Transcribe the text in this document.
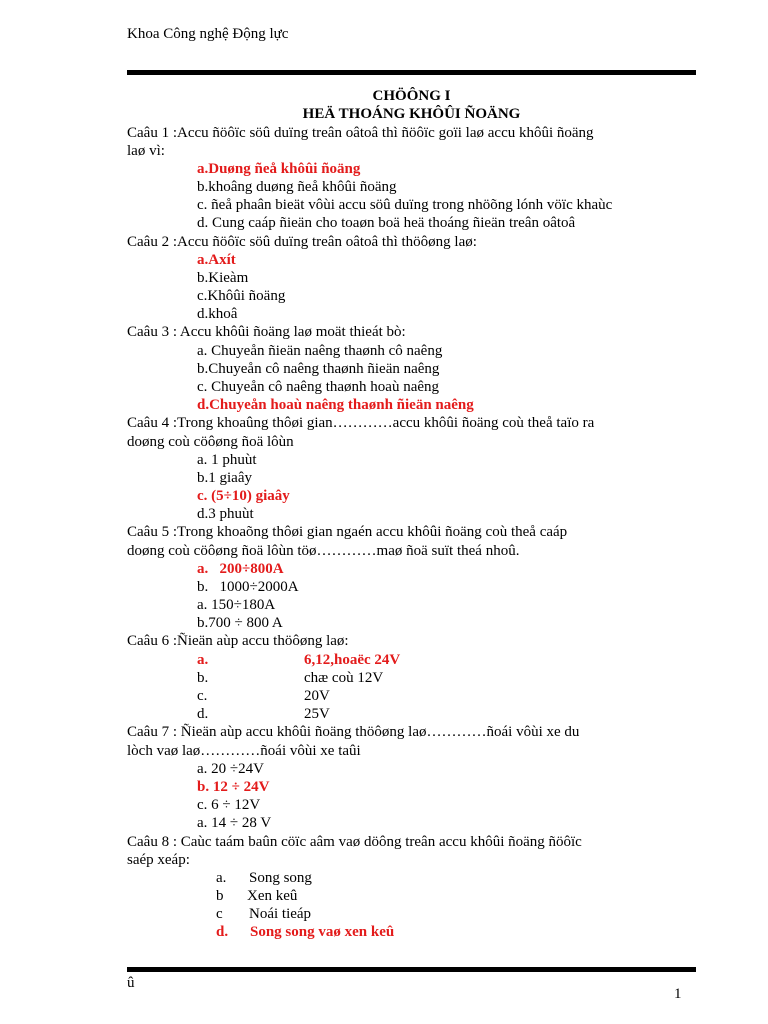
Khoa Công nghệ Động lực
CHÖÔNG I
HEÄ THOÁNG KHÔÛI ÑOÄNG
Caâu 1 :Accu ñöôïc söû duïng treân oâtoâ thì ñöôïc goïi laø accu khôûi ñoäng
laø vì:
a.Duøng ñeå khôûi ñoäng
b.khoâng duøng ñeå khôûi ñoäng
c. ñeå phaân bieät vôùi accu söû duïng trong nhöõng lónh vöïc khaùc
d. Cung caáp ñieän cho toaøn boä heä thoáng ñieän treân oâtoâ
Caâu 2 :Accu ñöôïc söû duïng treân oâtoâ thì thöôøng laø:
a.Axít
b.Kieàm
c.Khôûi ñoäng
d.khoâ
Caâu 3 : Accu khôûi ñoäng laø moät thieát bò:
a. Chuyeån ñieän naêng thaønh cô naêng
b.Chuyeån cô naêng thaønh ñieän naêng
c. Chuyeån cô naêng thaønh hoaù naêng
d.Chuyeån hoaù naêng thaønh ñieän naêng
Caâu 4 :Trong khoaûng thôøi gian…………accu khôûi ñoäng coù theå taïo ra
doøng coù cöôøng ñoä lôùn
a. 1 phuùt
b.1 giaây
c. (5÷10) giaây
d.3 phuùt
Caâu 5 :Trong khoaõng thôøi gian ngaén accu khôûi ñoäng coù theå caáp
doøng coù cöôøng ñoä lôùn töø…………maø ñoä suït theá nhoû.
a. 200÷800A
b. 1000÷2000A
a. 150÷180A
b.700 ÷ 800 A
Caâu 6 :Ñieän aùp accu thöôøng laø:
a.	6,12,hoaëc 24V
b.	chæ coù 12V
c.	20V
d.	25V
Caâu 7 : Ñieän aùp accu khôûi ñoäng thöôøng laø…………ñoái vôùi xe du
lòch vaø laø…………ñoái vôùi xe taûi
a. 20 ÷24V
b. 12 ÷ 24V
c. 6 ÷ 12V
a. 14 ÷ 28 V
Caâu 8 : Caùc taám baûn cöïc aâm vaø döông treân accu khôûi ñoäng ñöôïc
saép xeáp:
a. Song song
b Xen keû
c Noái tieáp
d. Song song vaø xen keû
û
1
